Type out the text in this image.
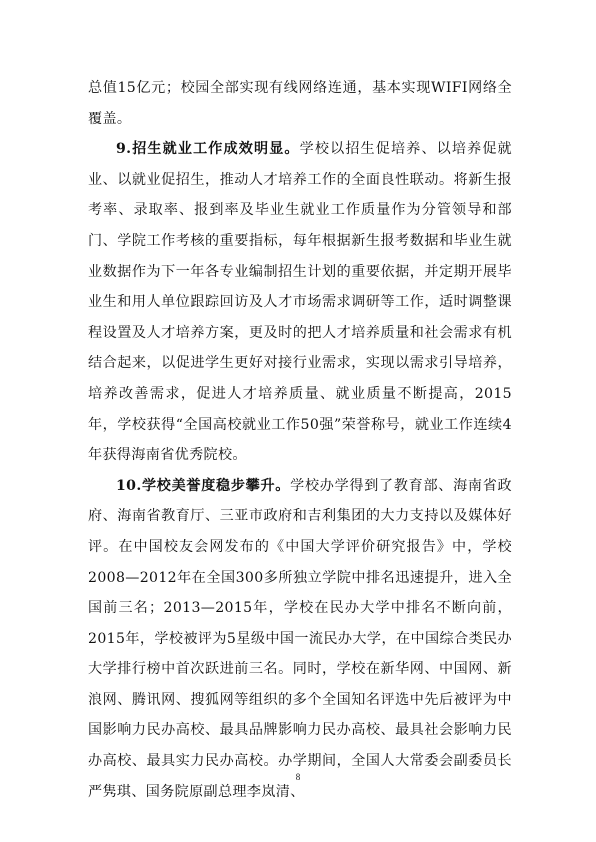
总值15亿元；校园全部实现有线网络连通，基本实现WIFI网络全覆盖。

9.招生就业工作成效明显。学校以招生促培养、以培养促就业、以就业促招生，推动人才培养工作的全面良性联动。将新生报考率、录取率、报到率及毕业生就业工作质量作为分管领导和部门、学院工作考核的重要指标，每年根据新生报考数据和毕业生就业数据作为下一年各专业编制招生计划的重要依据，并定期开展毕业生和用人单位跟踪回访及人才市场需求调研等工作，适时调整课程设置及人才培养方案，更及时的把人才培养质量和社会需求有机结合起来，以促进学生更好对接行业需求，实现以需求引导培养，培养改善需求，促进人才培养质量、就业质量不断提高，2015年，学校获得“全国高校就业工作50强”荣誉称号，就业工作连续4年获得海南省优秀院校。

10.学校美誉度稳步攀升。学校办学得到了教育部、海南省政府、海南省教育厅、三亚市政府和吉利集团的大力支持以及媒体好评。在中国校友会网发布的《中国大学评价研究报告》中，学校2008—2012年在全国300多所独立学院中排名迅速提升，进入全国前三名；2013—2015年，学校在民办大学中排名不断向前，2015年，学校被评为5星级中国一流民办大学，在中国综合类民办大学排行榜中首次跃进前三名。同时，学校在新华网、中国网、新浪网、腾讯网、搜狐网等组织的多个全国知名评选中先后被评为中国影响力民办高校、最具品牌影响力民办高校、最具社会影响力民办高校、最具实力民办高校。办学期间，全国人大常委会副委员长严隽琪、国务院原副总理李岚清、

8
